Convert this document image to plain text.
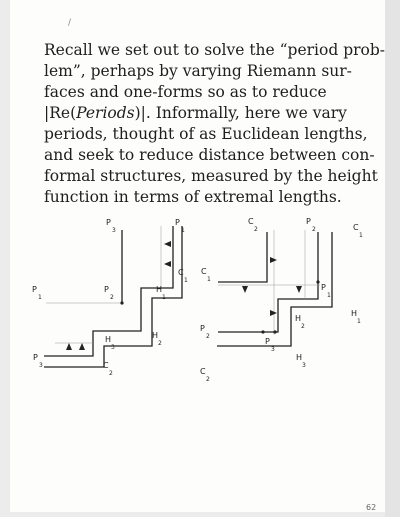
/

Recall we set out to solve the “period prob-

lem”, perhaps by varying Riemann sur-

faces and one-forms so as to reduce

|Re(Periods)|. Informally, here we vary

periods, thought of as Euclidean lengths,

and seek to reduce distance between con-

formal structures, measured by the height

function in terms of extremal lengths.

P
3
P
1
C
1
P
1
P
2
H
1
H
3
H
2
P
3	C
2
C
2
P
2	C
1
C
1
P
1
H
2
H
1
P
2
P
3
H
3
C
2
62
